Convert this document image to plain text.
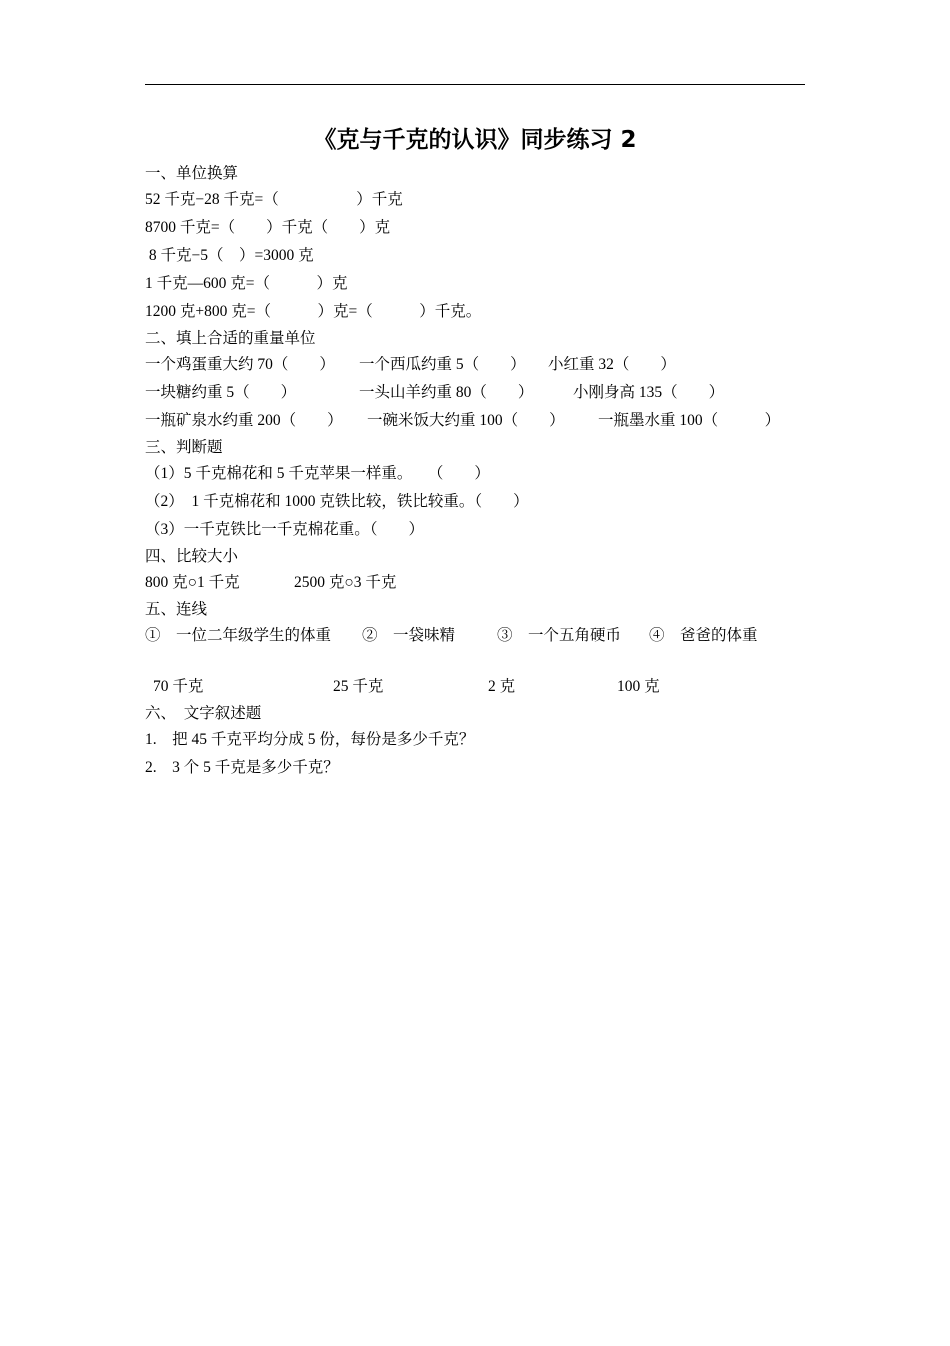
《克与千克的认识》同步练习 2
一、单位换算
52 千克−28 千克=（　　　　　）千克
8700 千克=（　　）千克（　　）克
8 千克−5（　）=3000 克
1 千克—600 克=（　　　）克
1200 克+800 克=（　　　）克=（　　　）千克。
二、填上合适的重量单位
一个鸡蛋重大约 70（　　） 一个西瓜约重 5（　　） 小红重 32（　　）
一块糖约重 5（　　）	一头山羊约重 80（　　）	小刚身高 135（　　）
一瓶矿泉水约重 200（　　） 一碗米饭大约重 100（　　） 一瓶墨水重 100（　　　）
三、判断题
（1）5 千克棉花和 5 千克苹果一样重。　　（　　）
（2）　1 千克棉花和 1000 克铁比较，铁比较重。（　　）
（3）一千克铁比一千克棉花重。（　　）
四、比较大小
800 克○1 千克	2500 克○3 千克
五、连线
①　一位二年级学生的体重 ②　一袋味精	③　一个五角硬币 ④　爸爸的体重
70 千克	25 千克	2 克	100 克
六、　文字叙述题
1.　把 45 千克平均分成 5 份，每份是多少千克？
2.　3 个 5 千克是多少千克？
